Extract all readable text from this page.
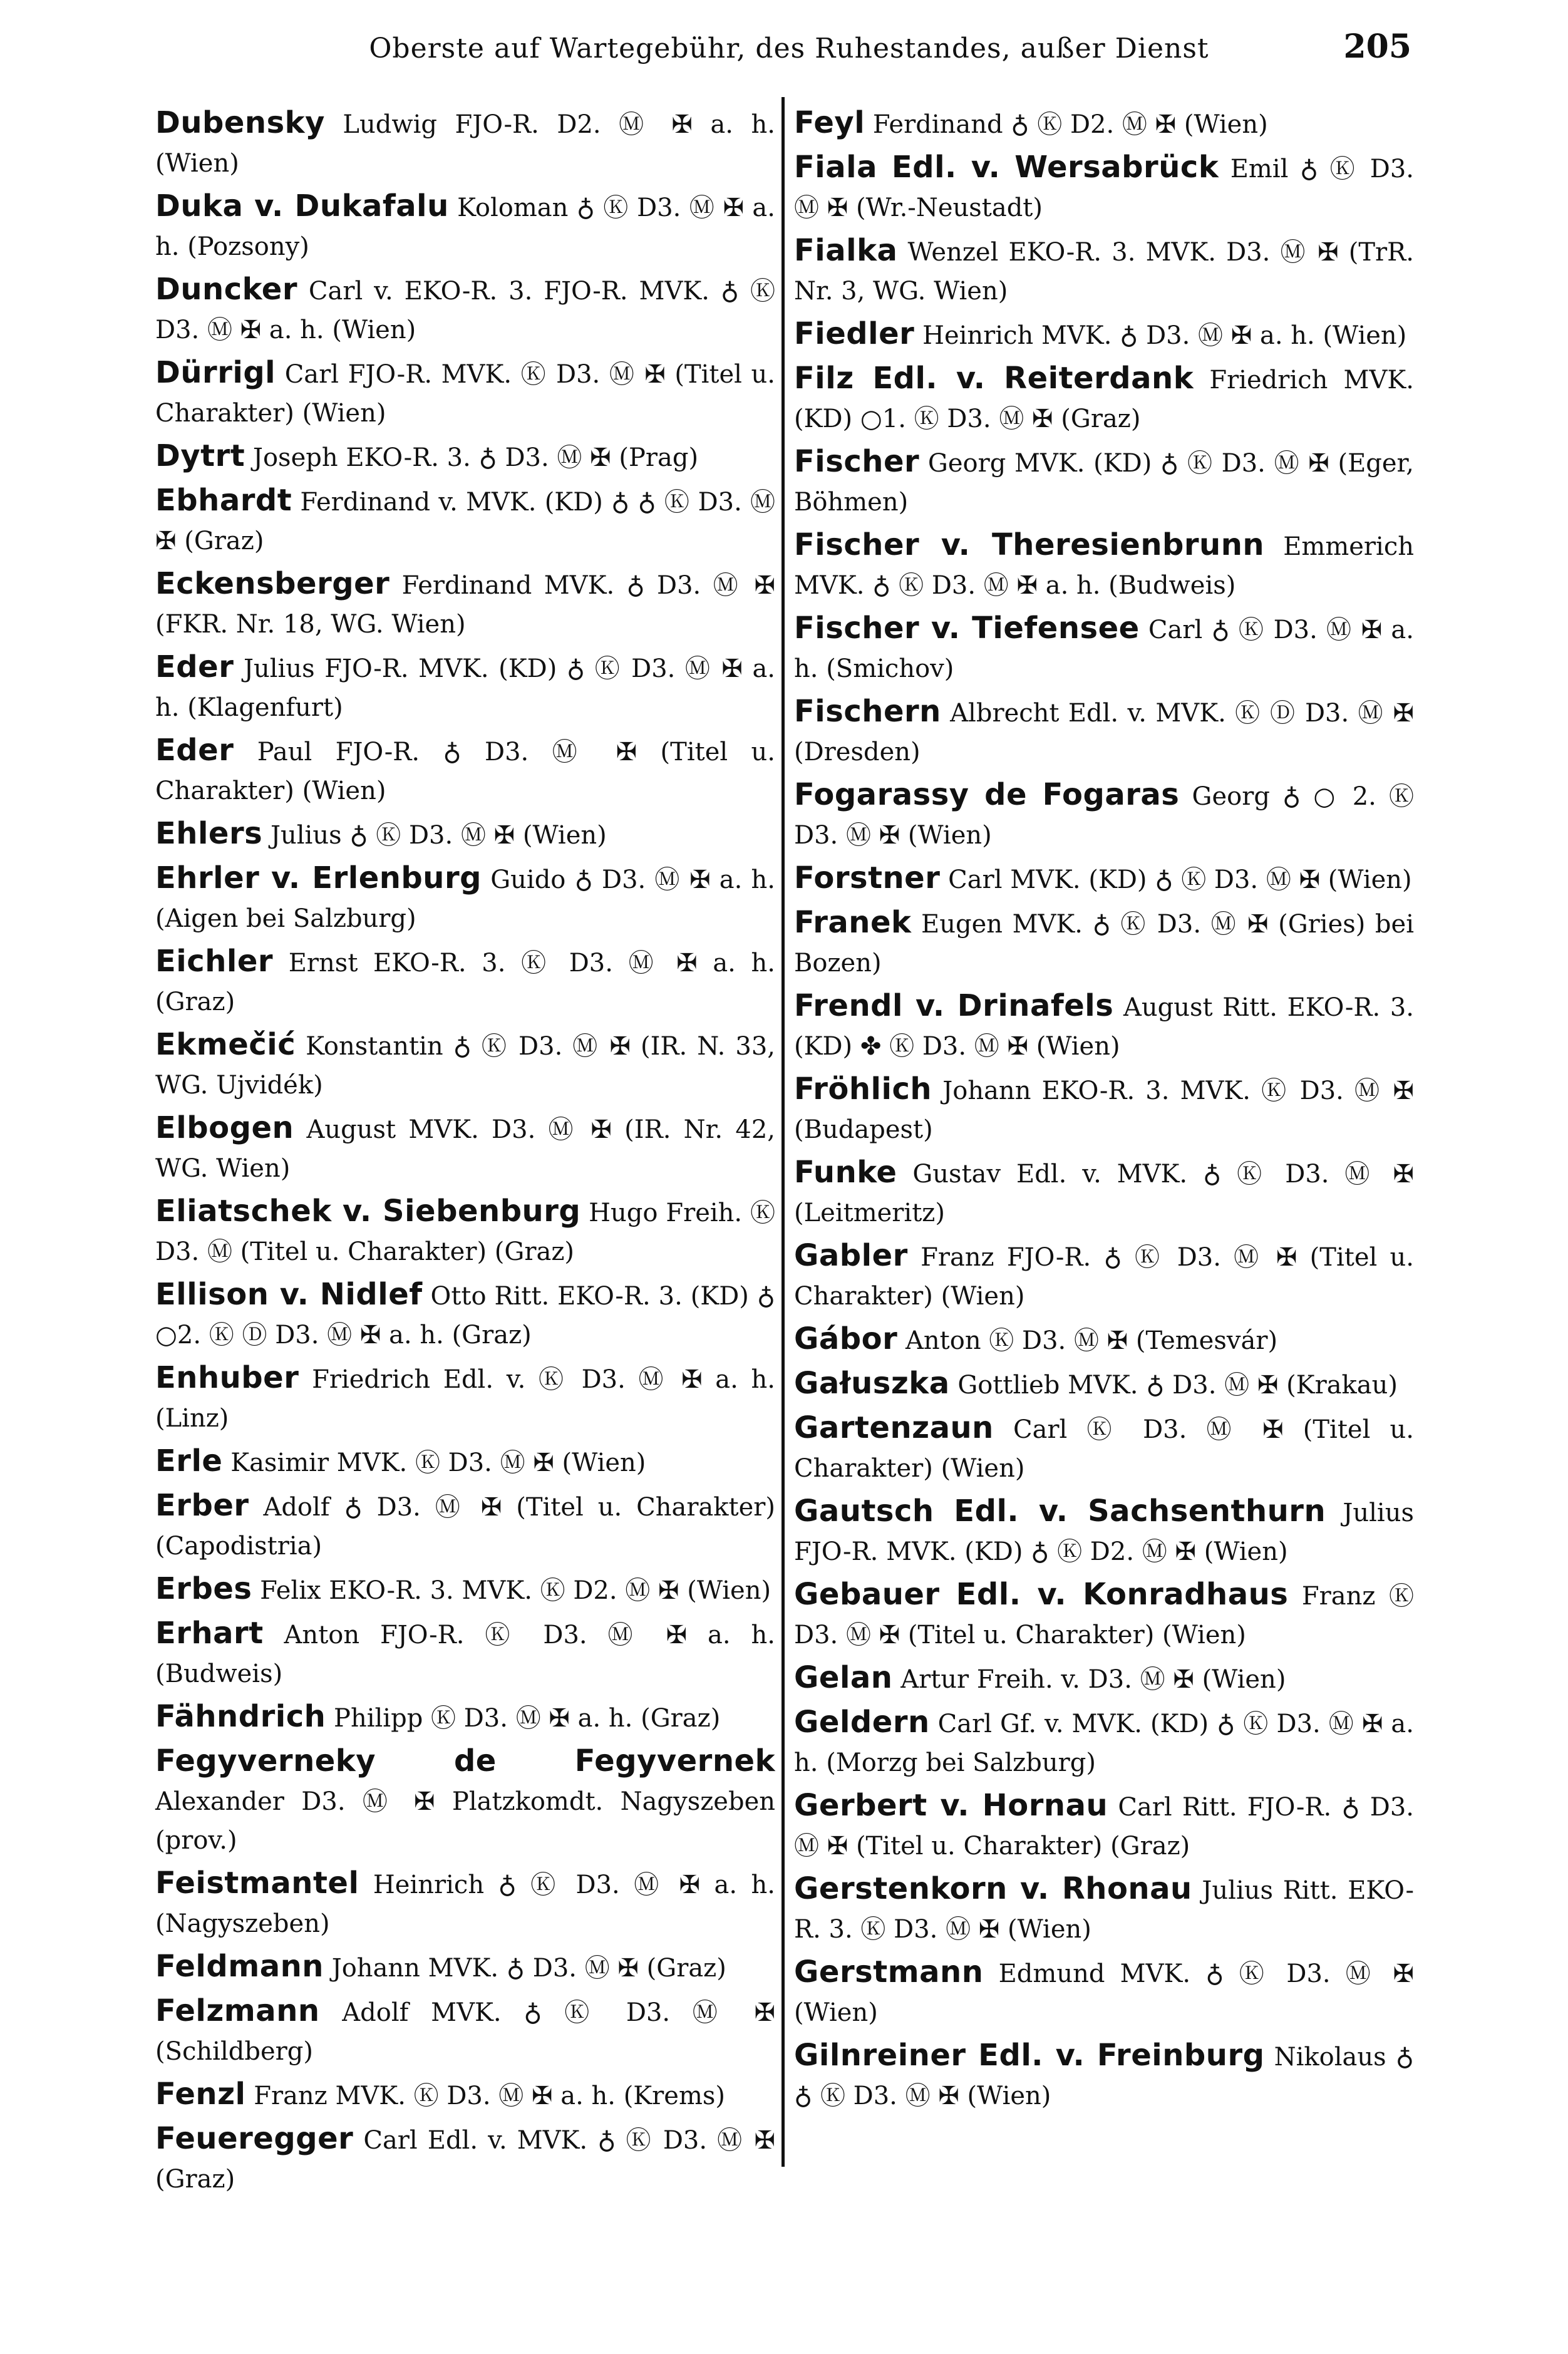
Oberste auf Wartegebühr, des Ruhestandes, außer Dienst	205

Dubensky Ludwig FJO-R. D2. Ⓜ ✠ a. h. (Wien)

Duka v. Dukafalu Koloman ♁ Ⓚ D3. Ⓜ ✠ a. h. (Pozsony)

Duncker Carl v. EKO-R. 3. FJO-R. MVK. ♁ Ⓚ D3. Ⓜ ✠ a. h. (Wien)

Dürrigl Carl FJO-R. MVK. Ⓚ D3. Ⓜ ✠ (Titel u. Charakter) (Wien)

Dytrt Joseph EKO-R. 3. ♁ D3. Ⓜ ✠ (Prag)

Ebhardt Ferdinand v. MVK. (KD) ♁ ♁ Ⓚ D3. Ⓜ ✠ (Graz)

Eckensberger Ferdinand MVK. ♁ D3. Ⓜ ✠ (FKR. Nr. 18, WG. Wien)

Eder Julius FJO-R. MVK. (KD) ♁ Ⓚ D3. Ⓜ ✠ a. h. (Klagenfurt)

Eder Paul FJO-R. ♁ D3. Ⓜ ✠ (Titel u. Charakter) (Wien)

Ehlers Julius ♁ Ⓚ D3. Ⓜ ✠ (Wien)

Ehrler v. Erlenburg Guido ♁ D3. Ⓜ ✠ a. h. (Aigen bei Salzburg)

Eichler Ernst EKO-R. 3. Ⓚ D3. Ⓜ ✠ a. h. (Graz)

Ekmečić Konstantin ♁ Ⓚ D3. Ⓜ ✠ (IR. N. 33, WG. Ujvidék)

Elbogen August MVK. D3. Ⓜ ✠ (IR. Nr. 42, WG. Wien)

Eliatschek v. Siebenburg Hugo Freih. Ⓚ D3. Ⓜ (Titel u. Charakter) (Graz)

Ellison v. Nidlef Otto Ritt. EKO-R. 3. (KD) ♁ ○2. Ⓚ Ⓓ D3. Ⓜ ✠ a. h. (Graz)

Enhuber Friedrich Edl. v. Ⓚ D3. Ⓜ ✠ a. h. (Linz)

Erle Kasimir MVK. Ⓚ D3. Ⓜ ✠ (Wien)

Erber Adolf ♁ D3. Ⓜ ✠ (Titel u. Charakter) (Capodistria)

Erbes Felix EKO-R. 3. MVK. Ⓚ D2. Ⓜ ✠ (Wien)

Erhart Anton FJO-R. Ⓚ D3. Ⓜ ✠ a. h. (Budweis)

Fähndrich Philipp Ⓚ D3. Ⓜ ✠ a. h. (Graz)

Fegyverneky de Fegyvernek Alexander D3. Ⓜ ✠ Platzkomdt. Nagyszeben (prov.)

Feistmantel Heinrich ♁ Ⓚ D3. Ⓜ ✠ a. h. (Nagyszeben)

Feldmann Johann MVK. ♁ D3. Ⓜ ✠ (Graz)

Felzmann Adolf MVK. ♁ Ⓚ D3. Ⓜ ✠ (Schildberg)

Fenzl Franz MVK. Ⓚ D3. Ⓜ ✠ a. h. (Krems)

Feueregger Carl Edl. v. MVK. ♁ Ⓚ D3. Ⓜ ✠ (Graz)

Feyl Ferdinand ♁ Ⓚ D2. Ⓜ ✠ (Wien)

Fiala Edl. v. Wersabrück Emil ♁ Ⓚ D3. Ⓜ ✠ (Wr.-Neustadt)

Fialka Wenzel EKO-R. 3. MVK. D3. Ⓜ ✠ (TrR. Nr. 3, WG. Wien)

Fiedler Heinrich MVK. ♁ D3. Ⓜ ✠ a. h. (Wien)

Filz Edl. v. Reiterdank Friedrich MVK. (KD) ○1. Ⓚ D3. Ⓜ ✠ (Graz)

Fischer Georg MVK. (KD) ♁ Ⓚ D3. Ⓜ ✠ (Eger, Böhmen)

Fischer v. Theresienbrunn Emmerich MVK. ♁ Ⓚ D3. Ⓜ ✠ a. h. (Budweis)

Fischer v. Tiefensee Carl ♁ Ⓚ D3. Ⓜ ✠ a. h. (Smichov)

Fischern Albrecht Edl. v. MVK. Ⓚ Ⓓ D3. Ⓜ ✠ (Dresden)

Fogarassy de Fogaras Georg ♁ ○ 2. Ⓚ D3. Ⓜ ✠ (Wien)

Forstner Carl MVK. (KD) ♁ Ⓚ D3. Ⓜ ✠ (Wien)

Franek Eugen MVK. ♁ Ⓚ D3. Ⓜ ✠ (Gries) bei Bozen)

Frendl v. Drinafels August Ritt. EKO-R. 3. (KD) ✤ Ⓚ D3. Ⓜ ✠ (Wien)

Fröhlich Johann EKO-R. 3. MVK. Ⓚ D3. Ⓜ ✠ (Budapest)

Funke Gustav Edl. v. MVK. ♁ Ⓚ D3. Ⓜ ✠ (Leitmeritz)

Gabler Franz FJO-R. ♁ Ⓚ D3. Ⓜ ✠ (Titel u. Charakter) (Wien)

Gábor Anton Ⓚ D3. Ⓜ ✠ (Temesvár)

Gałuszka Gottlieb MVK. ♁ D3. Ⓜ ✠ (Krakau)

Gartenzaun Carl Ⓚ D3. Ⓜ ✠ (Titel u. Charakter) (Wien)

Gautsch Edl. v. Sachsenthurn Julius FJO-R. MVK. (KD) ♁ Ⓚ D2. Ⓜ ✠ (Wien)

Gebauer Edl. v. Konradhaus Franz Ⓚ D3. Ⓜ ✠ (Titel u. Charakter) (Wien)

Gelan Artur Freih. v. D3. Ⓜ ✠ (Wien)

Geldern Carl Gf. v. MVK. (KD) ♁ Ⓚ D3. Ⓜ ✠ a. h. (Morzg bei Salzburg)

Gerbert v. Hornau Carl Ritt. FJO-R. ♁ D3. Ⓜ ✠ (Titel u. Charakter) (Graz)

Gerstenkorn v. Rhonau Julius Ritt. EKO-R. 3. Ⓚ D3. Ⓜ ✠ (Wien)

Gerstmann Edmund MVK. ♁ Ⓚ D3. Ⓜ ✠ (Wien)

Gilnreiner Edl. v. Freinburg Nikolaus ♁ ♁ Ⓚ D3. Ⓜ ✠ (Wien)
